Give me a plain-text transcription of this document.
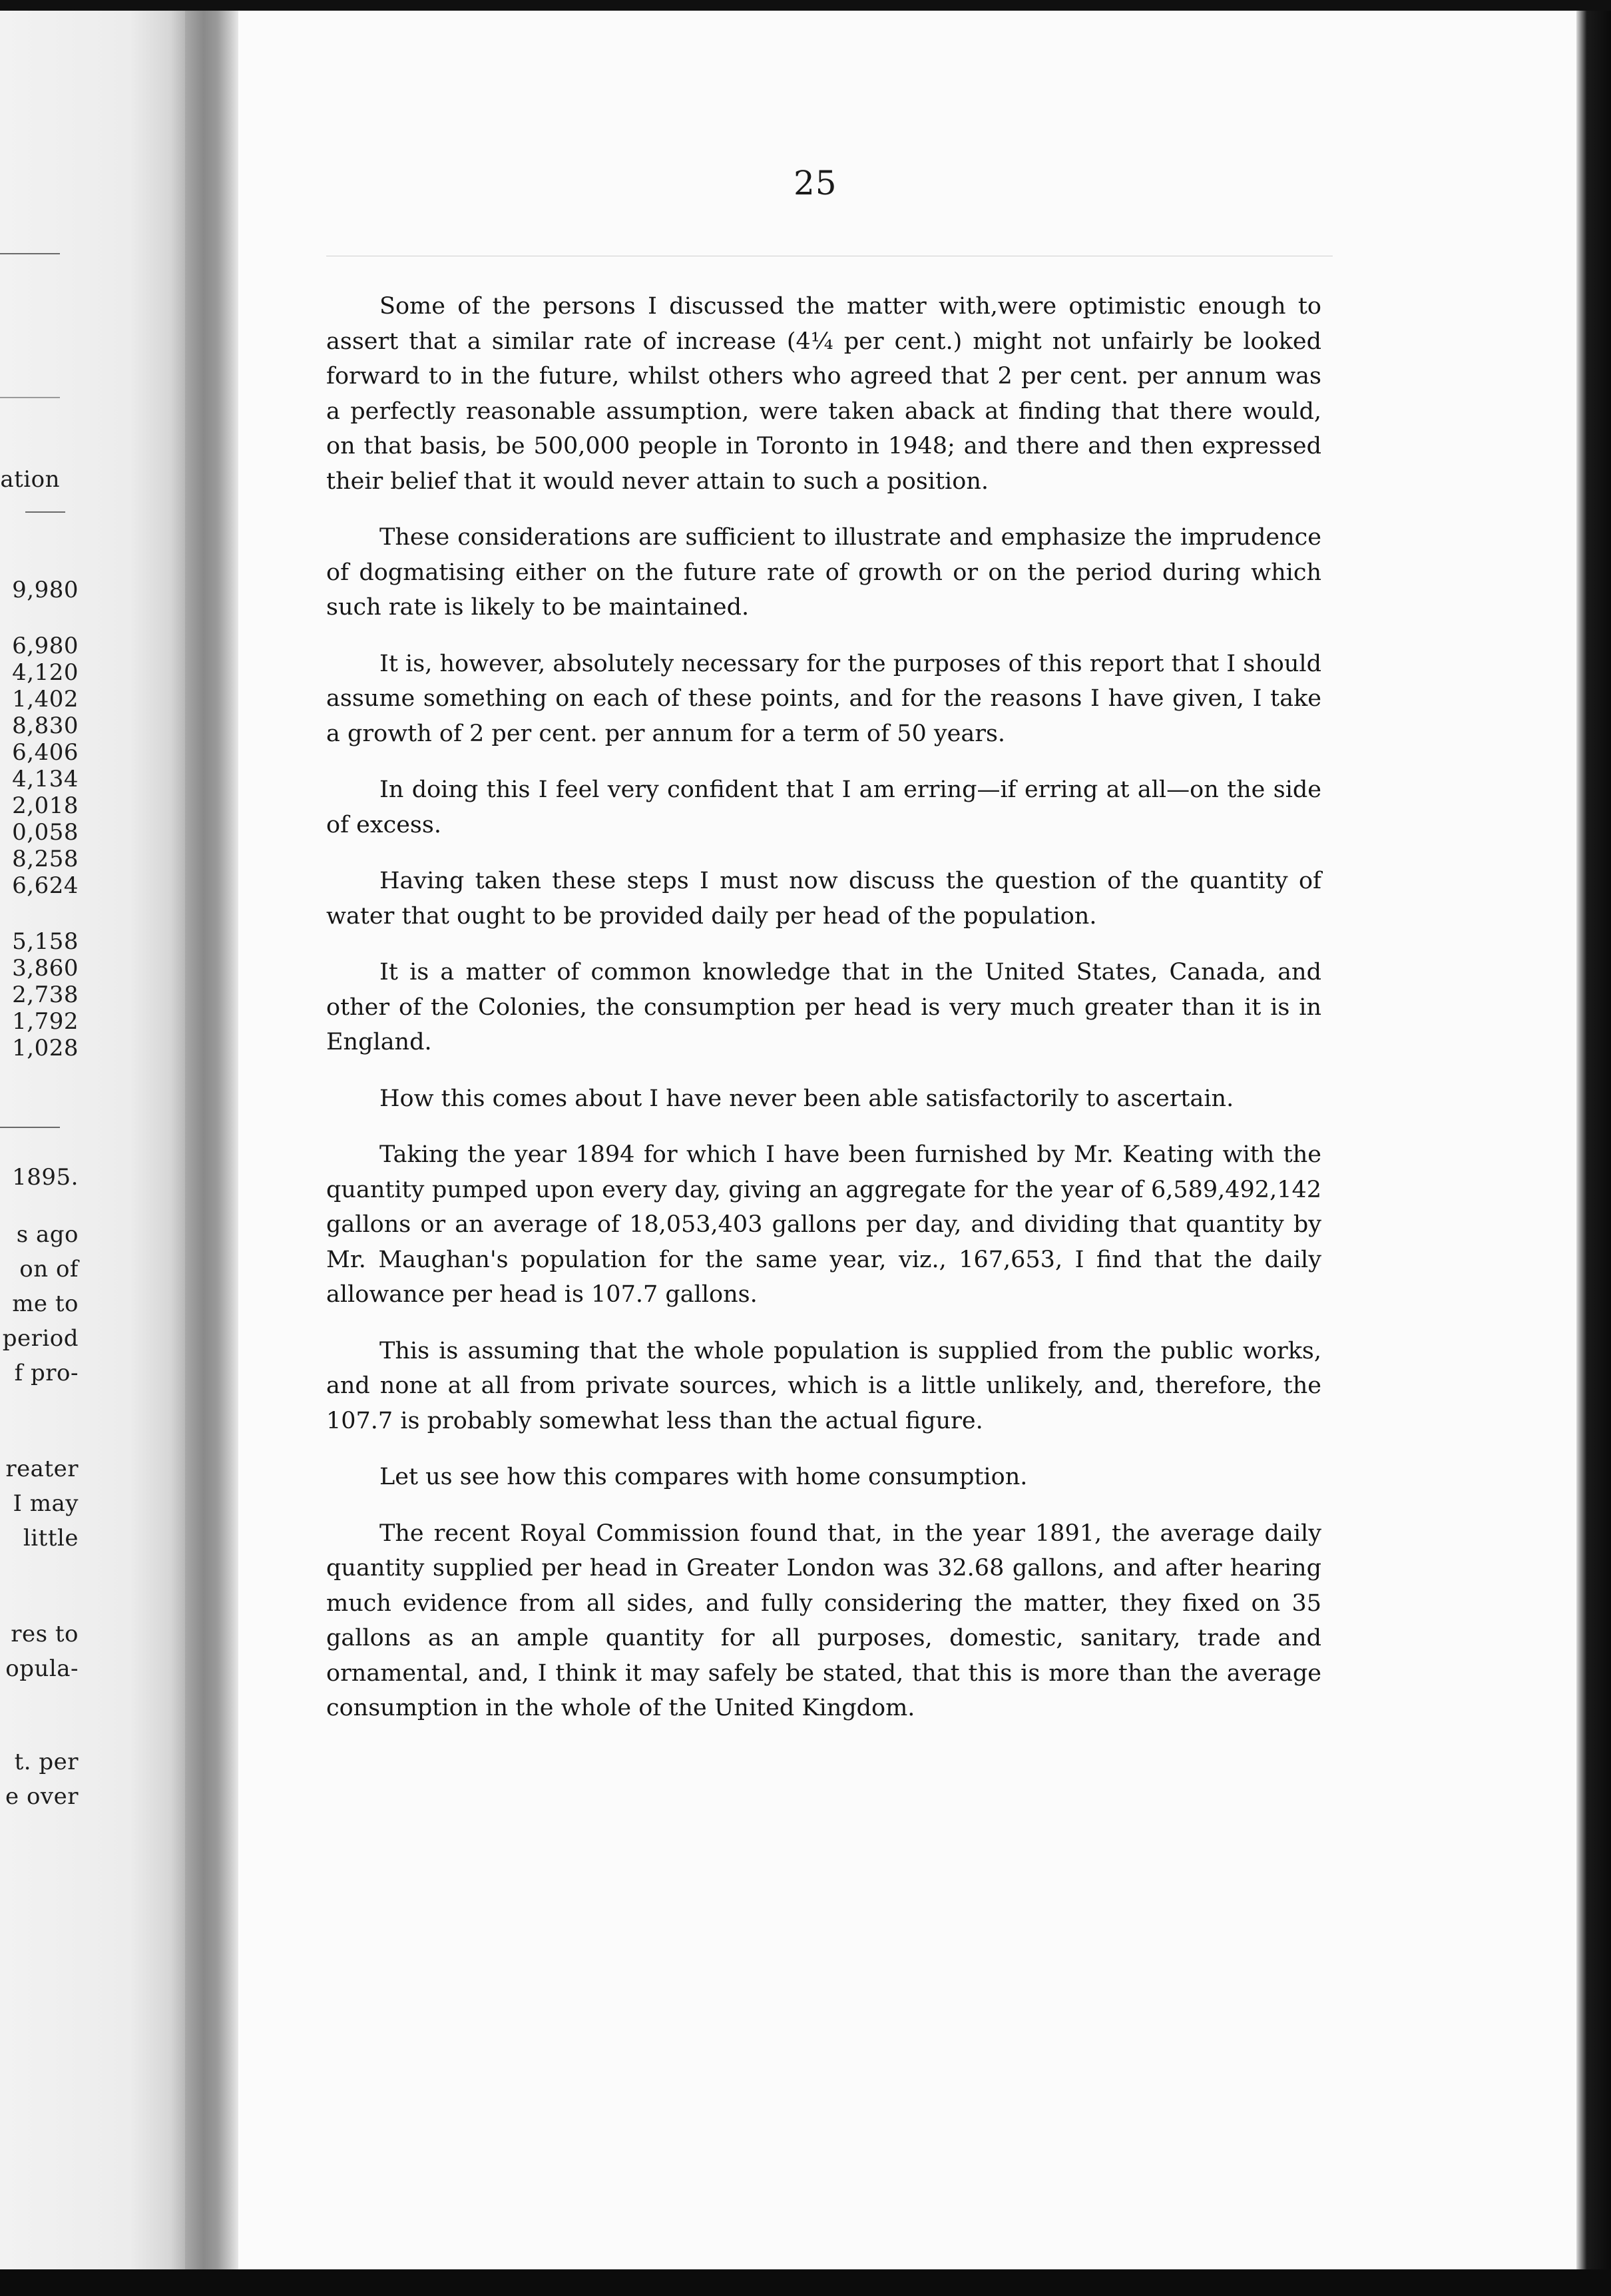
ation
9,980
6,980
4,120
1,402
8,830
6,406
4,134
2,018
0,058
8,258
6,624
5,158
3,860
2,738
1,792
1,028
1895.
s ago
on of
me to
period
f pro-
reater
I may
little
res to
opula-
t. per
e over
25

Some of the persons I discussed the matter with,were optimistic enough to assert that a similar rate of increase (4¼ per cent.) might not unfairly be looked forward to in the future, whilst others who agreed that 2 per cent. per annum was a perfectly reasonable assumption, were taken aback at finding that there would, on that basis, be 500,000 people in Toronto in 1948; and there and then expressed their belief that it would never attain to such a position.

These considerations are sufficient to illustrate and emphasize the imprudence of dogmatising either on the future rate of growth or on the period during which such rate is likely to be maintained.

It is, however, absolutely necessary for the purposes of this report that I should assume something on each of these points, and for the reasons I have given, I take a growth of 2 per cent. per annum for a term of 50 years.

In doing this I feel very confident that I am erring—if erring at all—on the side of excess.

Having taken these steps I must now discuss the question of the quantity of water that ought to be provided daily per head of the population.

It is a matter of common knowledge that in the United States, Canada, and other of the Colonies, the consumption per head is very much greater than it is in England.

How this comes about I have never been able satisfactorily to ascertain.

Taking the year 1894 for which I have been furnished by Mr. Keating with the quantity pumped upon every day, giving an aggregate for the year of 6,589,492,142 gallons or an average of 18,053,403 gallons per day, and dividing that quantity by Mr. Maughan's population for the same year, viz., 167,653, I find that the daily allowance per head is 107.7 gallons.

This is assuming that the whole population is supplied from the public works, and none at all from private sources, which is a little unlikely, and, therefore, the 107.7 is probably somewhat less than the actual figure.

Let us see how this compares with home consumption.

The recent Royal Commission found that, in the year 1891, the average daily quantity supplied per head in Greater London was 32.68 gallons, and after hearing much evidence from all sides, and fully considering the matter, they fixed on 35 gallons as an ample quantity for all purposes, domestic, sanitary, trade and ornamental, and, I think it may safely be stated, that this is more than the average consumption in the whole of the United Kingdom.
